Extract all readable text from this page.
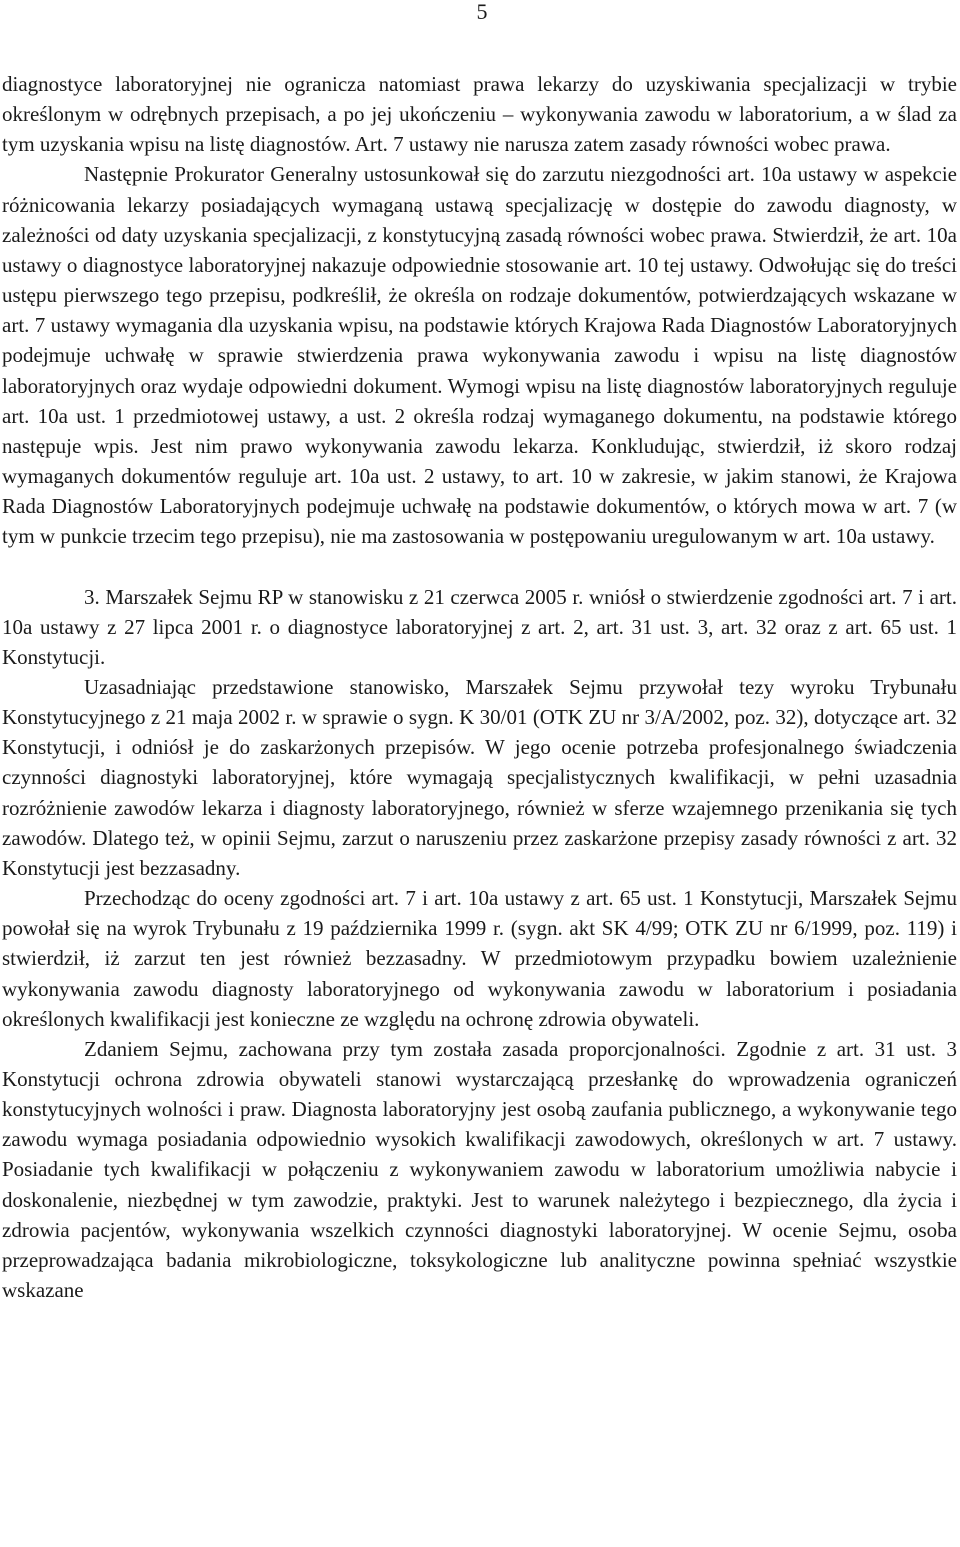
5

diagnostyce laboratoryjnej nie ogranicza natomiast prawa lekarzy do uzyskiwania specjalizacji w trybie określonym w odrębnych przepisach, a po jej ukończeniu – wykonywania zawodu w laboratorium, a w ślad za tym uzyskania wpisu na listę diagnostów. Art. 7 ustawy nie narusza zatem zasady równości wobec prawa.

Następnie Prokurator Generalny ustosunkował się do zarzutu niezgodności art. 10a ustawy w aspekcie różnicowania lekarzy posiadających wymaganą ustawą specjalizację w dostępie do zawodu diagnosty, w zależności od daty uzyskania specjalizacji, z konstytucyjną zasadą równości wobec prawa. Stwierdził, że art. 10a ustawy o diagnostyce laboratoryjnej nakazuje odpowiednie stosowanie art. 10 tej ustawy. Odwołując się do treści ustępu pierwszego tego przepisu, podkreślił, że określa on rodzaje dokumentów, potwierdzających wskazane w art. 7 ustawy wymagania dla uzyskania wpisu, na podstawie których Krajowa Rada Diagnostów Laboratoryjnych podejmuje uchwałę w sprawie stwierdzenia prawa wykonywania zawodu i wpisu na listę diagnostów laboratoryjnych oraz wydaje odpowiedni dokument. Wymogi wpisu na listę diagnostów laboratoryjnych reguluje art. 10a ust. 1 przedmiotowej ustawy, a ust. 2 określa rodzaj wymaganego dokumentu, na podstawie którego następuje wpis. Jest nim prawo wykonywania zawodu lekarza. Konkludując, stwierdził, iż skoro rodzaj wymaganych dokumentów reguluje art. 10a ust. 2 ustawy, to art. 10 w zakresie, w jakim stanowi, że Krajowa Rada Diagnostów Laboratoryjnych podejmuje uchwałę na podstawie dokumentów, o których mowa w art. 7 (w tym w punkcie trzecim tego przepisu), nie ma zastosowania w postępowaniu uregulowanym w art. 10a ustawy.

3. Marszałek Sejmu RP w stanowisku z 21 czerwca 2005 r. wniósł o stwierdzenie zgodności art. 7 i art. 10a ustawy z 27 lipca 2001 r. o diagnostyce laboratoryjnej z art. 2, art. 31 ust. 3, art. 32 oraz z art. 65 ust. 1 Konstytucji.

Uzasadniając przedstawione stanowisko, Marszałek Sejmu przywołał tezy wyroku Trybunału Konstytucyjnego z 21 maja 2002 r. w sprawie o sygn. K 30/01 (OTK ZU nr 3/A/2002, poz. 32), dotyczące art. 32 Konstytucji, i odniósł je do zaskarżonych przepisów. W jego ocenie potrzeba profesjonalnego świadczenia czynności diagnostyki laboratoryjnej, które wymagają specjalistycznych kwalifikacji, w pełni uzasadnia rozróżnienie zawodów lekarza i diagnosty laboratoryjnego, również w sferze wzajemnego przenikania się tych zawodów. Dlatego też, w opinii Sejmu, zarzut o naruszeniu przez zaskarżone przepisy zasady równości z art. 32 Konstytucji jest bezzasadny.

Przechodząc do oceny zgodności art. 7 i art. 10a ustawy z art. 65 ust. 1 Konstytucji, Marszałek Sejmu powołał się na wyrok Trybunału z 19 października 1999 r. (sygn. akt SK 4/99; OTK ZU nr 6/1999, poz. 119) i stwierdził, iż zarzut ten jest również bezzasadny. W przedmiotowym przypadku bowiem uzależnienie wykonywania zawodu diagnosty laboratoryjnego od wykonywania zawodu w laboratorium i posiadania określonych kwalifikacji jest konieczne ze względu na ochronę zdrowia obywateli.

Zdaniem Sejmu, zachowana przy tym została zasada proporcjonalności. Zgodnie z art. 31 ust. 3 Konstytucji ochrona zdrowia obywateli stanowi wystarczającą przesłankę do wprowadzenia ograniczeń konstytucyjnych wolności i praw. Diagnosta laboratoryjny jest osobą zaufania publicznego, a wykonywanie tego zawodu wymaga posiadania odpowiednio wysokich kwalifikacji zawodowych, określonych w art. 7 ustawy. Posiadanie tych kwalifikacji w połączeniu z wykonywaniem zawodu w laboratorium umożliwia nabycie i doskonalenie, niezbędnej w tym zawodzie, praktyki. Jest to warunek należytego i bezpiecznego, dla życia i zdrowia pacjentów, wykonywania wszelkich czynności diagnostyki laboratoryjnej. W ocenie Sejmu, osoba przeprowadzająca badania mikrobiologiczne, toksykologiczne lub analityczne powinna spełniać wszystkie wskazane
